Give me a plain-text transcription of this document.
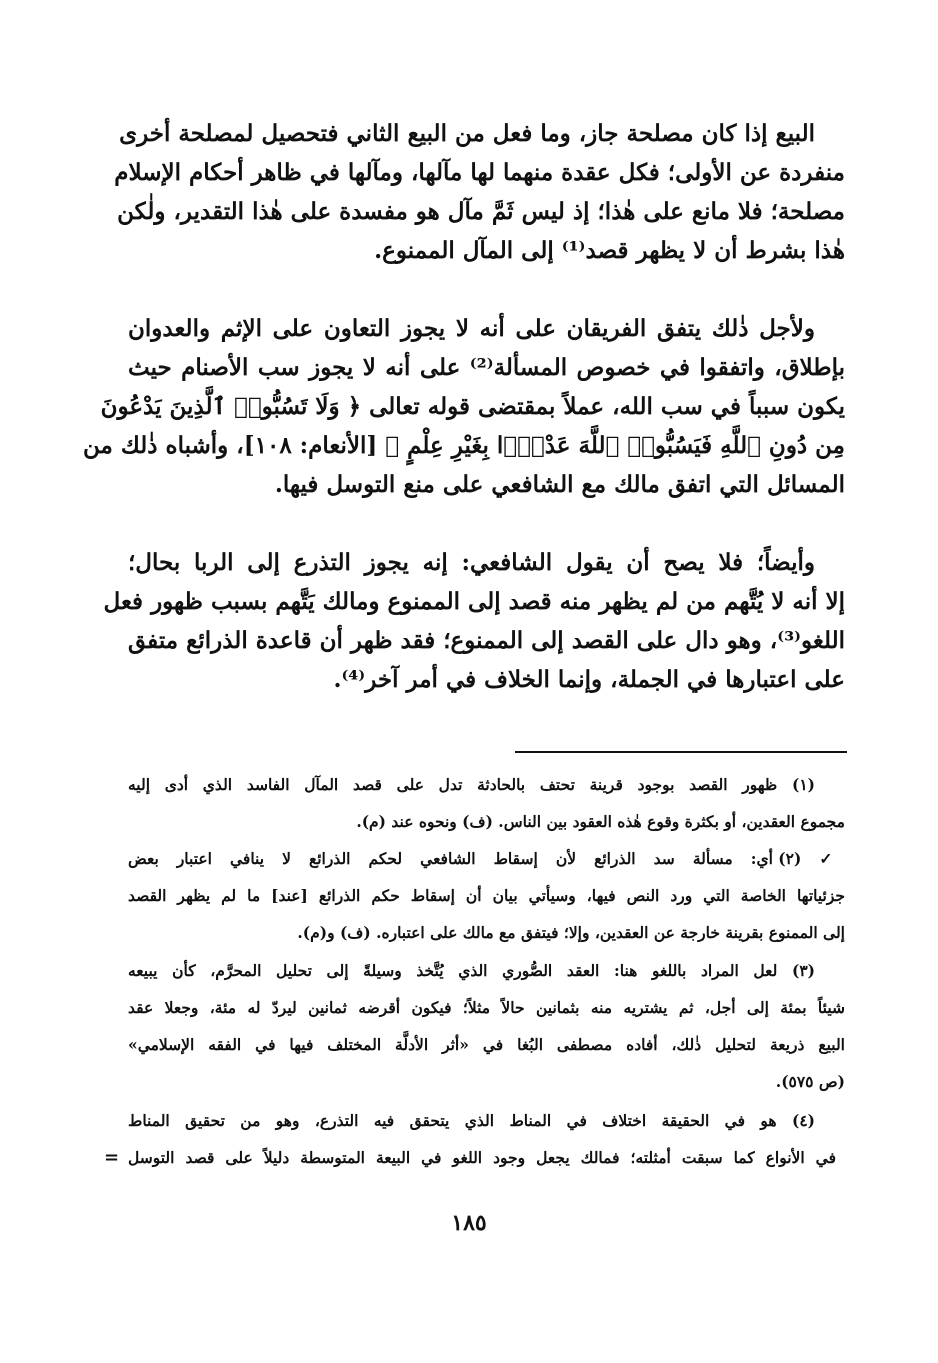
البيع إذا كان مصلحة جاز، وما فعل من البيع الثاني فتحصيل لمصلحة أخرى
منفردة عن الأولى؛ فكل عقدة منهما لها مآلها، ومآلها في ظاهر أحكام الإسلام
مصلحة؛ فلا مانع على هٰذا؛ إذ ليس ثَمَّ مآل هو مفسدة على هٰذا التقدير، ولٰكن
هٰذا بشرط أن لا يظهر قصد⁽¹⁾ إلى المآل الممنوع.
ولأجل ذٰلك يتفق الفريقان على أنه لا يجوز التعاون على الإثم والعدوان
بإطلاق، واتفقوا في خصوص المسألة⁽²⁾ على أنه لا يجوز سب الأصنام حيث
يكون سبباً في سب الله، عملاً بمقتضى قوله تعالى ﴿ وَلَا تَسُبُّوا۟ ٱلَّذِينَ يَدْعُونَ
مِن دُونِ ٱللَّهِ فَيَسُبُّوا۟ ٱللَّهَ عَدْوًۢا بِغَيْرِ عِلْمٍ ﴾ [الأنعام: ١٠٨]، وأشباه ذٰلك من
المسائل التي اتفق مالك مع الشافعي على منع التوسل فيها.
وأيضاً؛ فلا يصح أن يقول الشافعي: إنه يجوز التذرع إلى الربا بحال؛
إلا أنه لا يُتَّهم من لم يظهر منه قصد إلى الممنوع ومالك يَتَّهم بسبب ظهور فعل
اللغو⁽³⁾، وهو دال على القصد إلى الممنوع؛ فقد ظهر أن قاعدة الذرائع متفق
على اعتبارها في الجملة، وإنما الخلاف في أمر آخر⁽⁴⁾.
(١) ظهور القصد بوجود قرينة تحتف بالحادثة تدل على قصد المآل الفاسد الذي أدى إليه
مجموع العقدين، أو بكثرة وقوع هٰذه العقود بين الناس. (ف) ونحوه عند (م).
✓ (٢) أي: مسألة سد الذرائع لأن إسقاط الشافعي لحكم الذرائع لا ينافي اعتبار بعض
جزئياتها الخاصة التي ورد النص فيها، وسيأتي بيان أن إسقاط حكم الذرائع [عند] ما لم يظهر القصد
إلى الممنوع بقرينة خارجة عن العقدين، وإلا؛ فيتفق مع مالك على اعتباره. (ف) و(م).
(٣) لعل المراد باللغو هنا: العقد الصُّوري الذي يُتَّخذ وسيلةً إلى تحليل المحرَّم، كأن يبيعه
شيئاً بمئة إلى أجل، ثم يشتريه منه بثمانين حالاً مثلاً؛ فيكون أقرضه ثمانين ليردّ له مئة، وجعلا عقد
البيع ذريعة لتحليل ذٰلك، أفاده مصطفى البُغا في «أثر الأدلَّة المختلف فيها في الفقه الإسلامي»
(ص ٥٧٥).
(٤) هو في الحقيقة اختلاف في المناط الذي يتحقق فيه التذرع، وهو من تحقيق المناط
في الأنواع كما سبقت أمثلته؛ فمالك يجعل وجود اللغو في البيعة المتوسطة دليلاً على قصد التوسل
=
١٨٥
